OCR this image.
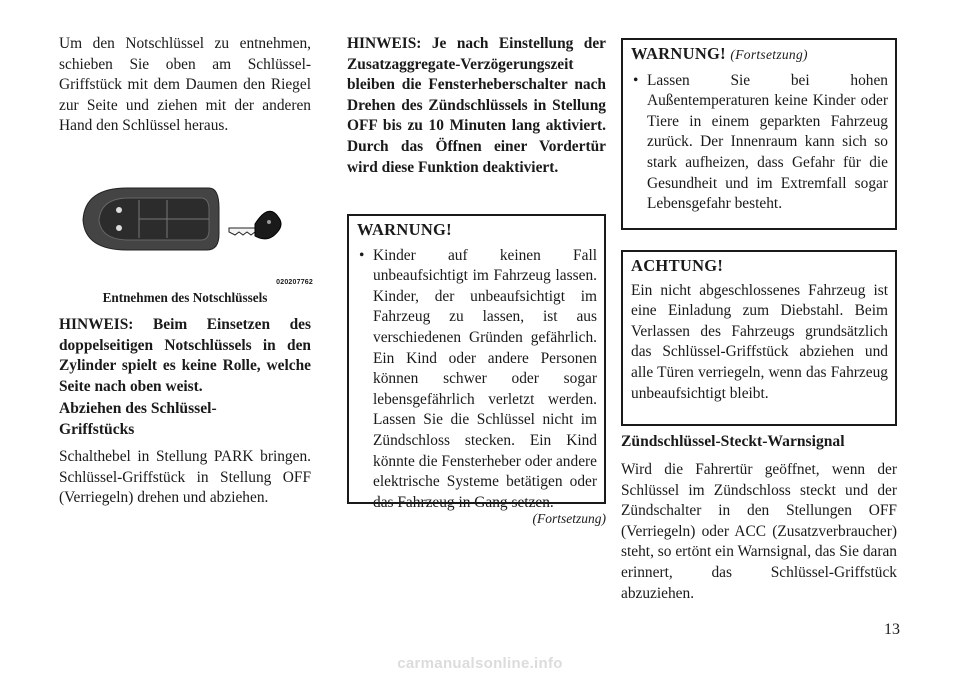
Um den Notschlüssel zu entnehmen, schieben Sie oben am Schlüssel-Griffstück mit dem Daumen den Riegel zur Seite und ziehen mit der anderen Hand den Schlüssel heraus.

020207762

Entnehmen des Notschlüssels

HINWEIS: Beim Einsetzen des doppelseitigen Notschlüssels in den Zylinder spielt es keine Rolle, welche Seite nach oben weist.

Abziehen des Schlüssel-Griffstücks

Schalthebel in Stellung PARK bringen. Schlüssel-Griffstück in Stellung OFF (Verriegeln) drehen und abziehen.

HINWEIS: Je nach Einstellung der Zusatzaggregate-Verzögerungszeit bleiben die Fensterheberschalter nach Drehen des Zündschlüssels in Stellung OFF bis zu 10 Minuten lang aktiviert. Durch das Öffnen einer Vordertür wird diese Funktion deaktiviert.

WARNUNG!
• Kinder auf keinen Fall unbeaufsichtigt im Fahrzeug lassen. Kinder, der unbeaufsichtigt im Fahrzeug zu lassen, ist aus verschiedenen Gründen gefährlich. Ein Kind oder andere Personen können schwer oder sogar lebensgefährlich verletzt werden. Lassen Sie die Schlüssel nicht im Zündschloss stecken. Ein Kind könnte die Fensterheber oder andere elektrische Systeme betätigen oder das Fahrzeug in Gang setzen.
(Fortsetzung)
WARNUNG! (Fortsetzung)
• Lassen Sie bei hohen Außentemperaturen keine Kinder oder Tiere in einem geparkten Fahrzeug zurück. Der Innenraum kann sich so stark aufheizen, dass Gefahr für die Gesundheit und im Extremfall sogar Lebensgefahr besteht.
ACHTUNG!

Ein nicht abgeschlossenes Fahrzeug ist eine Einladung zum Diebstahl. Beim Verlassen des Fahrzeugs grundsätzlich das Schlüssel-Griffstück abziehen und alle Türen verriegeln, wenn das Fahrzeug unbeaufsichtigt bleibt.

Zündschlüssel-Steckt-Warnsignal

Wird die Fahrertür geöffnet, wenn der Schlüssel im Zündschloss steckt und der Zündschalter in den Stellungen OFF (Verriegeln) oder ACC (Zusatzverbraucher) steht, so ertönt ein Warnsignal, das Sie daran erinnert, das Schlüssel-Griffstück abzuziehen.

13
carmanualsonline.info
